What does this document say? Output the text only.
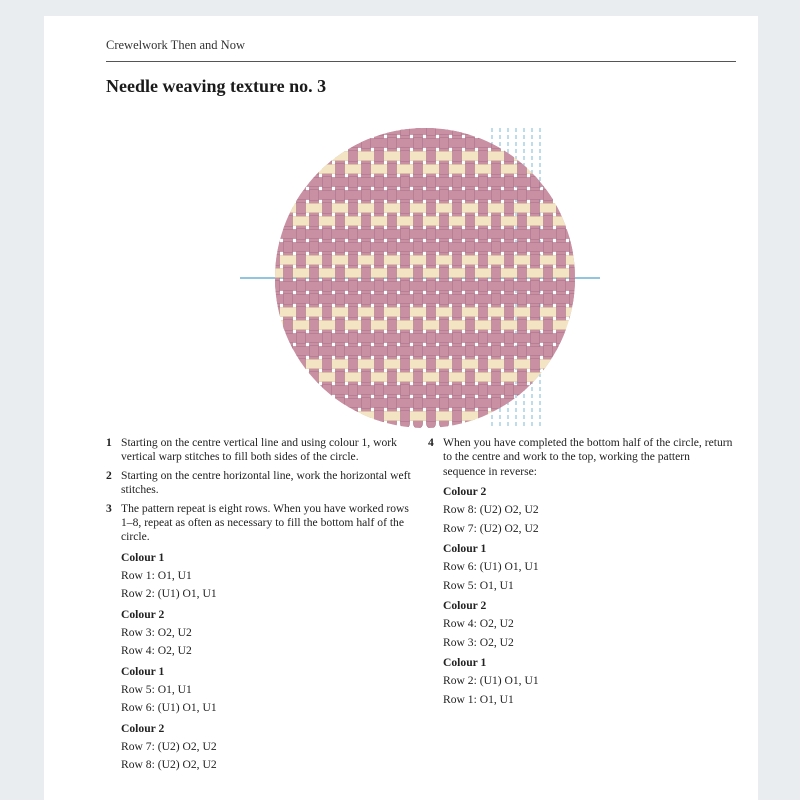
Crewelwork Then and Now
Needle weaving texture no. 3
1 Starting on the centre vertical line and using colour 1, work vertical warp stitches to fill both sides of the circle.
2 Starting on the centre horizontal line, work the horizontal weft stitches.
3 The pattern repeat is eight rows. When you have worked rows 1–8, repeat as often as necessary to fill the bottom half of the circle.
Colour 1
Row 1: O1, U1
Row 2: (U1) O1, U1
Colour 2
Row 3: O2, U2
Row 4: O2, U2
Colour 1
Row 5: O1, U1
Row 6: (U1) O1, U1
Colour 2
Row 7: (U2) O2, U2
Row 8: (U2) O2, U2
4 When you have completed the bottom half of the circle, return to the centre and work to the top, working the pattern sequence in reverse:
Colour 2
Row 8: (U2) O2, U2
Row 7: (U2) O2, U2
Colour 1
Row 6: (U1) O1, U1
Row 5: O1, U1
Colour 2
Row 4: O2, U2
Row 3: O2, U2
Colour 1
Row 2: (U1) O1, U1
Row 1: O1, U1
